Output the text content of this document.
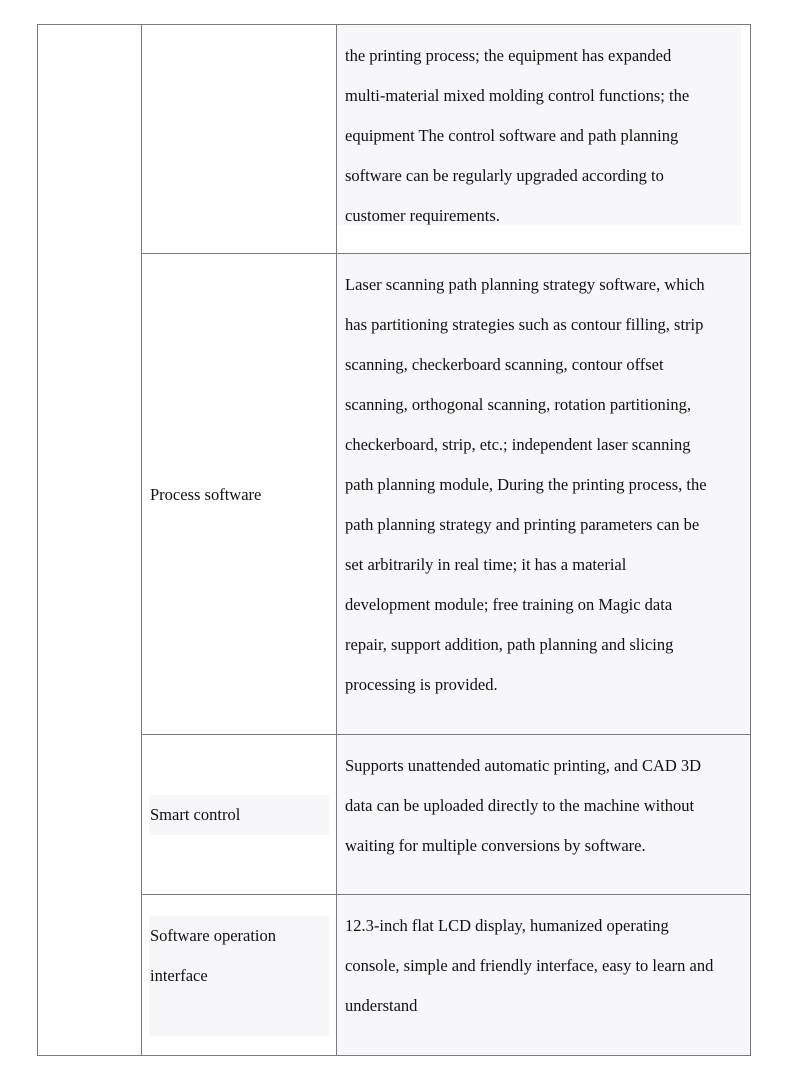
the printing process; the equipment has expanded
multi-material mixed molding control functions; the
equipment The control software and path planning
software can be regularly upgraded according to
customer requirements.
Process software
Laser scanning path planning strategy software, which
has partitioning strategies such as contour filling, strip
scanning, checkerboard scanning, contour offset
scanning, orthogonal scanning, rotation partitioning,
checkerboard, strip, etc.; independent laser scanning
path planning module, During the printing process, the
path planning strategy and printing parameters can be
set arbitrarily in real time; it has a material
development module; free training on Magic data
repair, support addition, path planning and slicing
processing is provided.
Smart control
Supports unattended automatic printing, and CAD 3D
data can be uploaded directly to the machine without
waiting for multiple conversions by software.
Software operation
interface
12.3-inch flat LCD display, humanized operating
console, simple and friendly interface, easy to learn and
understand
